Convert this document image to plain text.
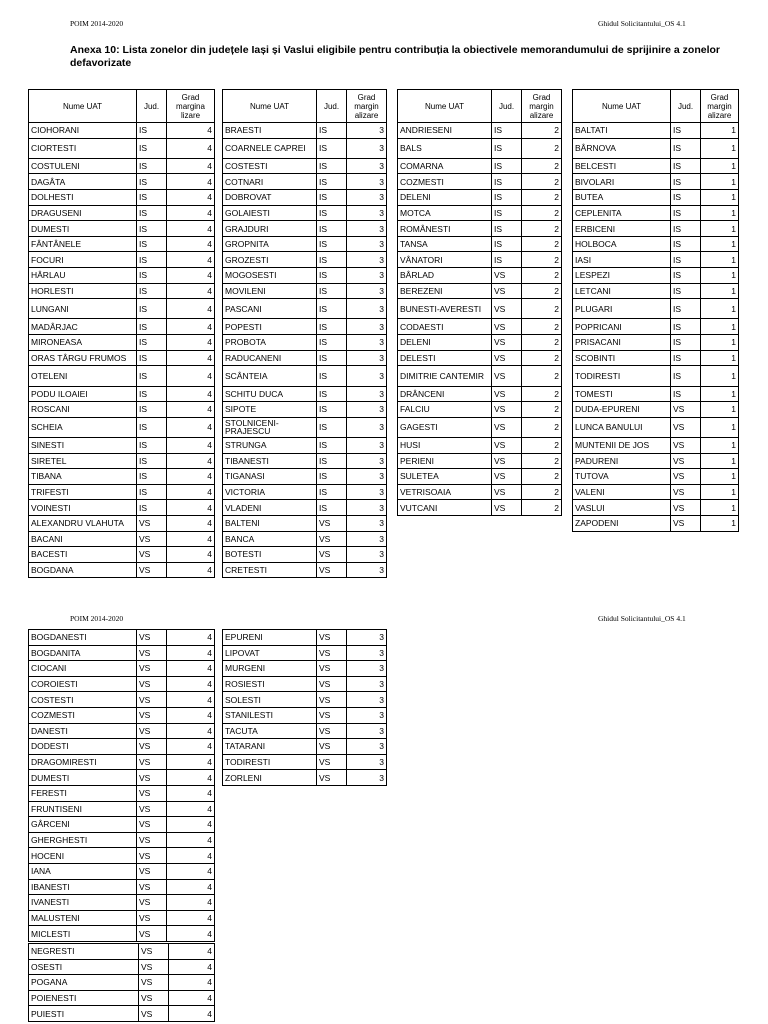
POIM 2014-2020	Ghidul Solicitantului_OS 4.1
Anexa 10: Lista zonelor din județele Iași și Vaslui eligibile pentru contribuția la obiectivele memorandumului de sprijinire a zonelor defavorizate
Nume UAT	Jud.	Grad margina lizare
CIOHORANI	IS	4
CIORTESTI	IS	4
COSTULENI	IS	4
DAGÂTA	IS	4
DOLHESTI	IS	4
DRAGUSENI	IS	4
DUMESTI	IS	4
FÂNTÂNELE	IS	4
FOCURI	IS	4
HÂRLAU	IS	4
HORLESTI	IS	4
LUNGANI	IS	4
MADÂRJAC	IS	4
MIRONEASA	IS	4
ORAS TÂRGU FRUMOS	IS	4
OTELENI	IS	4
PODU ILOAIEI	IS	4
ROSCANI	IS	4
SCHEIA	IS	4
SINESTI	IS	4
SIRETEL	IS	4
TIBANA	IS	4
TRIFESTI	IS	4
VOINESTI	IS	4
ALEXANDRU VLAHUTA	VS	4
BACANI	VS	4
BACESTI	VS	4
BOGDANA	VS	4
Nume UAT	Jud.	Grad margin alizare
BRAESTI	IS	3
COARNELE CAPREI	IS	3
COSTESTI	IS	3
COTNARI	IS	3
DOBROVAT	IS	3
GOLAIESTI	IS	3
GRAJDURI	IS	3
GROPNITA	IS	3
GROZESTI	IS	3
MOGOSESTI	IS	3
MOVILENI	IS	3
PASCANI	IS	3
POPESTI	IS	3
PROBOTA	IS	3
RADUCANENI	IS	3
SCÂNTEIA	IS	3
SCHITU DUCA	IS	3
SIPOTE	IS	3
STOLNICENI-PRAJESCU	IS	3
STRUNGA	IS	3
TIBANESTI	IS	3
TIGANASI	IS	3
VICTORIA	IS	3
VLADENI	IS	3
BALTENI	VS	3
BANCA	VS	3
BOTESTI	VS	3
CRETESTI	VS	3
Nume UAT	Jud.	Grad margin alizare
ANDRIESENI	IS	2
BALS	IS	2
COMARNA	IS	2
COZMESTI	IS	2
DELENI	IS	2
MOTCA	IS	2
ROMÂNESTI	IS	2
TANSA	IS	2
VÂNATORI	IS	2
BÂRLAD	VS	2
BEREZENI	VS	2
BUNESTI-AVERESTI	VS	2
CODAESTI	VS	2
DELENI	VS	2
DELESTI	VS	2
DIMITRIE CANTEMIR	VS	2
DRÂNCENI	VS	2
FALCIU	VS	2
GAGESTI	VS	2
HUSI	VS	2
PERIENI	VS	2
SULETEA	VS	2
VETRISOAIA	VS	2
VUTCANI	VS	2
Nume UAT	Jud.	Grad margin alizare
BALTATI	IS	1
BÂRNOVA	IS	1
BELCESTI	IS	1
BIVOLARI	IS	1
BUTEA	IS	1
CEPLENITA	IS	1
ERBICENI	IS	1
HOLBOCA	IS	1
IASI	IS	1
LESPEZI	IS	1
LETCANI	IS	1
PLUGARI	IS	1
POPRICANI	IS	1
PRISACANI	IS	1
SCOBINTI	IS	1
TODIRESTI	IS	1
TOMESTI	IS	1
DUDA-EPURENI	VS	1
LUNCA BANULUI	VS	1
MUNTENII DE JOS	VS	1
PADURENI	VS	1
TUTOVA	VS	1
VALENI	VS	1
VASLUI	VS	1
ZAPODENI	VS	1
POIM 2014-2020	Ghidul Solicitantului_OS 4.1
BOGDANESTI	VS	4
BOGDANITA	VS	4
CIOCANI	VS	4
COROIESTI	VS	4
COSTESTI	VS	4
COZMESTI	VS	4
DANESTI	VS	4
DODESTI	VS	4
DRAGOMIRESTI	VS	4
DUMESTI	VS	4
FERESTI	VS	4
FRUNTISENI	VS	4
GÂRCENI	VS	4
GHERGHESTI	VS	4
HOCENI	VS	4
IANA	VS	4
IBANESTI	VS	4
IVANESTI	VS	4
MALUSTENI	VS	4
MICLESTI	VS	4
EPURENI	VS	3
LIPOVAT	VS	3
MURGENI	VS	3
ROSIESTI	VS	3
SOLESTI	VS	3
STANILESTI	VS	3
TACUTA	VS	3
TATARANI	VS	3
TODIRESTI	VS	3
ZORLENI	VS	3
NEGRESTI	VS	4
OSESTI	VS	4
POGANA	VS	4
POIENESTI	VS	4
PUIESTI	VS	4
